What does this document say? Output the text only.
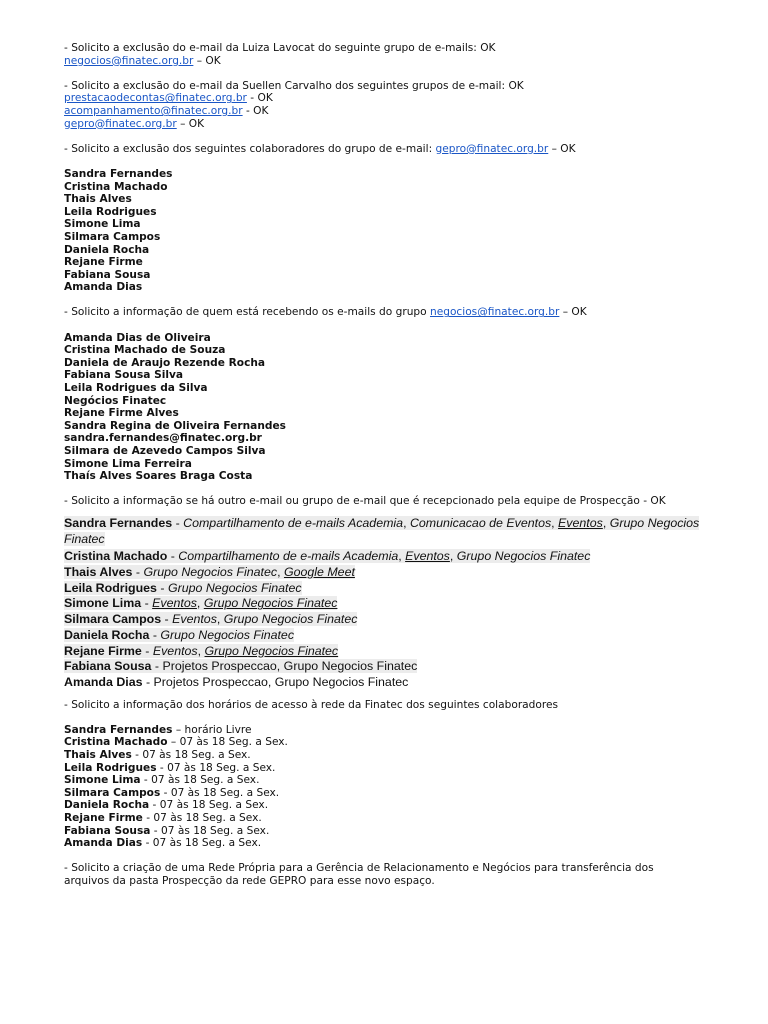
- Solicito a exclusão do e-mail da Luiza Lavocat do seguinte grupo de e-mails: OK
negocios@finatec.org.br – OK
- Solicito a exclusão do e-mail da Suellen Carvalho dos seguintes grupos de e-mail: OK
prestacaodecontas@finatec.org.br - OK
acompanhamento@finatec.org.br - OK
gepro@finatec.org.br – OK
- Solicito a exclusão dos seguintes colaboradores do grupo de e-mail: gepro@finatec.org.br – OK
Sandra Fernandes
Cristina Machado
Thais Alves
Leila Rodrigues
Simone Lima
Silmara Campos
Daniela Rocha
Rejane Firme
Fabiana Sousa
Amanda Dias
- Solicito a informação de quem está recebendo os e-mails do grupo negocios@finatec.org.br – OK
Amanda Dias de Oliveira
Cristina Machado de Souza
Daniela de Araujo Rezende Rocha
Fabiana Sousa Silva
Leila Rodrigues da Silva
Negócios Finatec
Rejane Firme Alves
Sandra Regina de Oliveira Fernandes
sandra.fernandes@finatec.org.br
Silmara de Azevedo Campos Silva
Simone Lima Ferreira
Thaís Alves Soares Braga Costa
- Solicito a informação se há outro e-mail ou grupo de e-mail que é recepcionado pela equipe de Prospecção - OK
Sandra Fernandes - Compartilhamento de e-mails Academia, Comunicacao de Eventos, Eventos, Grupo Negocios Finatec
Cristina Machado - Compartilhamento de e-mails Academia, Eventos, Grupo Negocios Finatec
Thais Alves - Grupo Negocios Finatec, Google Meet
Leila Rodrigues - Grupo Negocios Finatec
Simone Lima - Eventos, Grupo Negocios Finatec
Silmara Campos - Eventos, Grupo Negocios Finatec
Daniela Rocha - Grupo Negocios Finatec
Rejane Firme - Eventos, Grupo Negocios Finatec
Fabiana Sousa - Projetos Prospeccao, Grupo Negocios Finatec
Amanda Dias - Projetos Prospeccao, Grupo Negocios Finatec
- Solicito a informação dos horários de acesso à rede da Finatec dos seguintes colaboradores
Sandra Fernandes – horário Livre
Cristina Machado – 07 às 18 Seg. a Sex.
Thais Alves - 07 às 18 Seg. a Sex.
Leila Rodrigues - 07 às 18 Seg. a Sex.
Simone Lima - 07 às 18 Seg. a Sex.
Silmara Campos - 07 às 18 Seg. a Sex.
Daniela Rocha - 07 às 18 Seg. a Sex.
Rejane Firme - 07 às 18 Seg. a Sex.
Fabiana Sousa - 07 às 18 Seg. a Sex.
Amanda Dias - 07 às 18 Seg. a Sex.
- Solicito a criação de uma Rede Própria para a Gerência de Relacionamento e Negócios para transferência dos
arquivos da pasta Prospecção da rede GEPRO para esse novo espaço.
